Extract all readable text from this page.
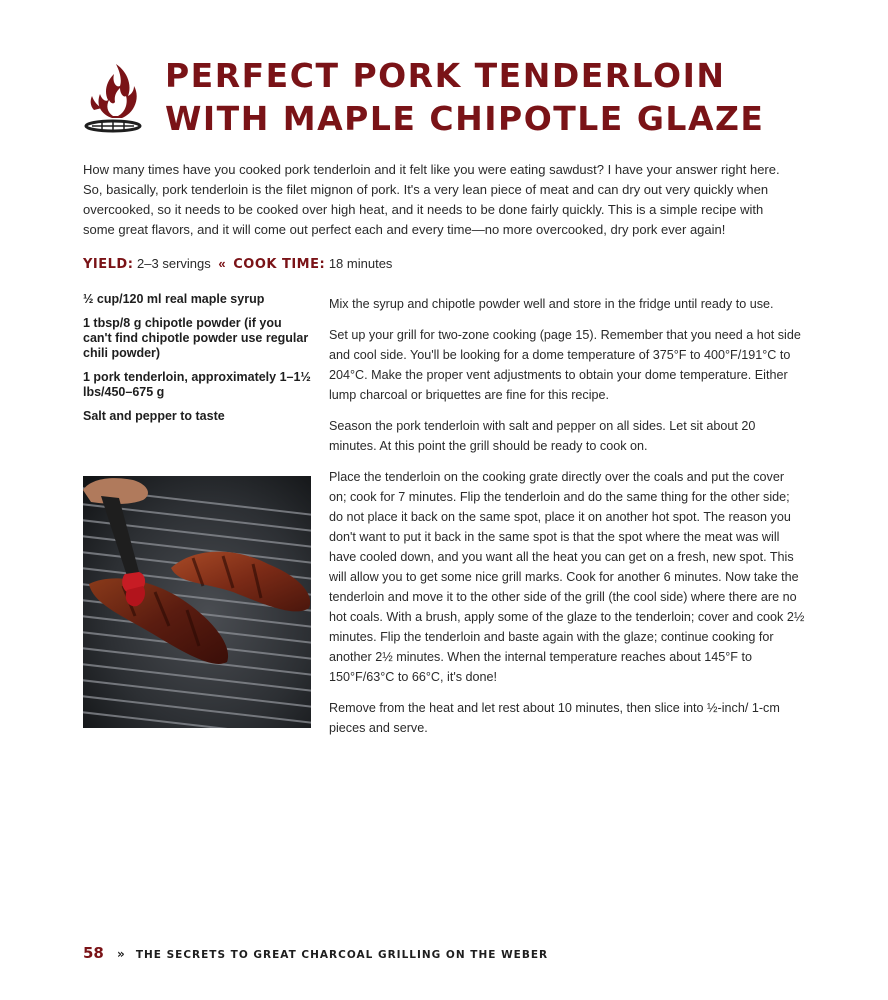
PERFECT PORK TENDERLOIN
WITH MAPLE CHIPOTLE GLAZE

How many times have you cooked pork tenderloin and it felt like you were eating sawdust? I have your answer right here. So, basically, pork tenderloin is the filet mignon of pork. It's a very lean piece of meat and can dry out very quickly when overcooked, so it needs to be cooked over high heat, and it needs to be done fairly quickly. This is a simple recipe with some great flavors, and it will come out perfect each and every time—no more overcooked, dry pork ever again!

YIELD: 2–3 servings « COOK TIME: 18 minutes
½ cup/120 ml real maple syrup
1 tbsp/8 g chipotle powder (if you can't find chipotle powder use regular chili powder)
1 pork tenderloin, approximately 1–1½ lbs/450–675 g
Salt and pepper to taste

Mix the syrup and chipotle powder well and store in the fridge until ready to use.

Set up your grill for two-zone cooking (page 15). Remember that you need a hot side and cool side. You'll be looking for a dome temperature of 375°F to 400°F/191°C to 204°C. Make the proper vent adjustments to obtain your dome temperature. Either lump charcoal or briquettes are fine for this recipe.

Season the pork tenderloin with salt and pepper on all sides. Let sit about 20 minutes. At this point the grill should be ready to cook on.

Place the tenderloin on the cooking grate directly over the coals and put the cover on; cook for 7 minutes. Flip the tenderloin and do the same thing for the other side; do not place it back on the same spot, place it on another hot spot. The reason you don't want to put it back in the same spot is that the spot where the meat was will have cooled down, and you want all the heat you can get on a fresh, new spot. This will allow you to get some nice grill marks. Cook for another 6 minutes. Now take the tenderloin and move it to the other side of the grill (the cool side) where there are no hot coals. With a brush, apply some of the glaze to the tenderloin; cover and cook 2½ minutes. Flip the tenderloin and baste again with the glaze; continue cooking for another 2½ minutes. When the internal temperature reaches about 145°F to 150°F/63°C to 66°C, it's done!

Remove from the heat and let rest about 10 minutes, then slice into ½-inch/ 1-cm pieces and serve.

58 » THE SECRETS TO GREAT CHARCOAL GRILLING ON THE WEBER
